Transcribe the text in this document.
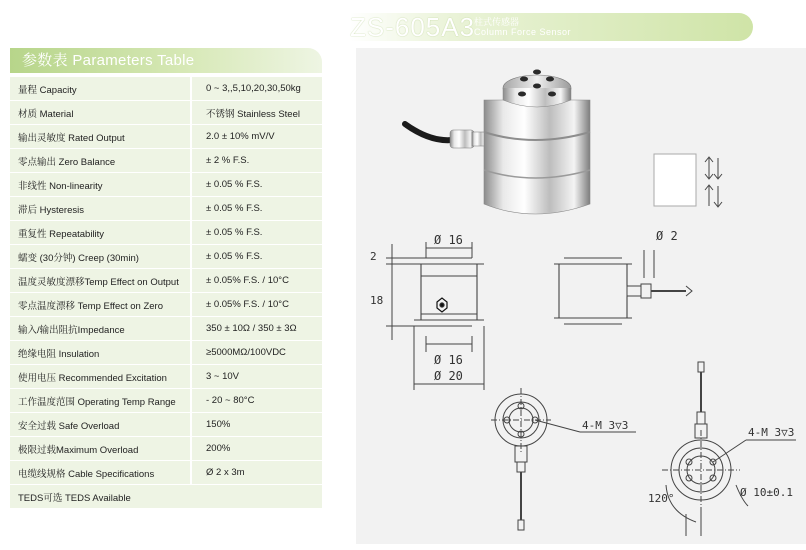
参数表 Parameters Table
量程 Capacity	0 ~ 3,,5,10,20,30,50kg
材质 Material	不锈钢 Stainless Steel
输出灵敏度 Rated Output	2.0 ± 10% mV/V
零点输出 Zero Balance	± 2 % F.S.
非线性 Non-linearity	± 0.05 % F.S.
滞后 Hysteresis	± 0.05 % F.S.
重复性 Repeatability	± 0.05 % F.S.
蠕变 (30分钟) Creep (30min)	± 0.05 % F.S.
温度灵敏度漂移Temp Effect on Output	± 0.05% F.S. / 10°C
零点温度漂移 Temp Effect on Zero	± 0.05% F.S. / 10°C
输入/输出阻抗Impedance	350 ± 10Ω / 350 ± 3Ω
绝缘电阻 Insulation	≥5000MΩ/100VDC
使用电压 Recommended Excitation	3 ~ 10V
工作温度范围 Operating Temp Range	- 20 ~ 80°C
安全过载 Safe Overload	150%
极限过载Maximum Overload	200%
电缆线规格 Cable Specifications	Ø 2 x 3m
TEDS可选 TEDS Available
ZS-605A3
柱式传感器
Column Force Sensor
Ø 16
Ø 16
Ø 20
2
18
Ø 2
4-M 3▽3
4-M 3▽3
120°	Ø 10±0.1
